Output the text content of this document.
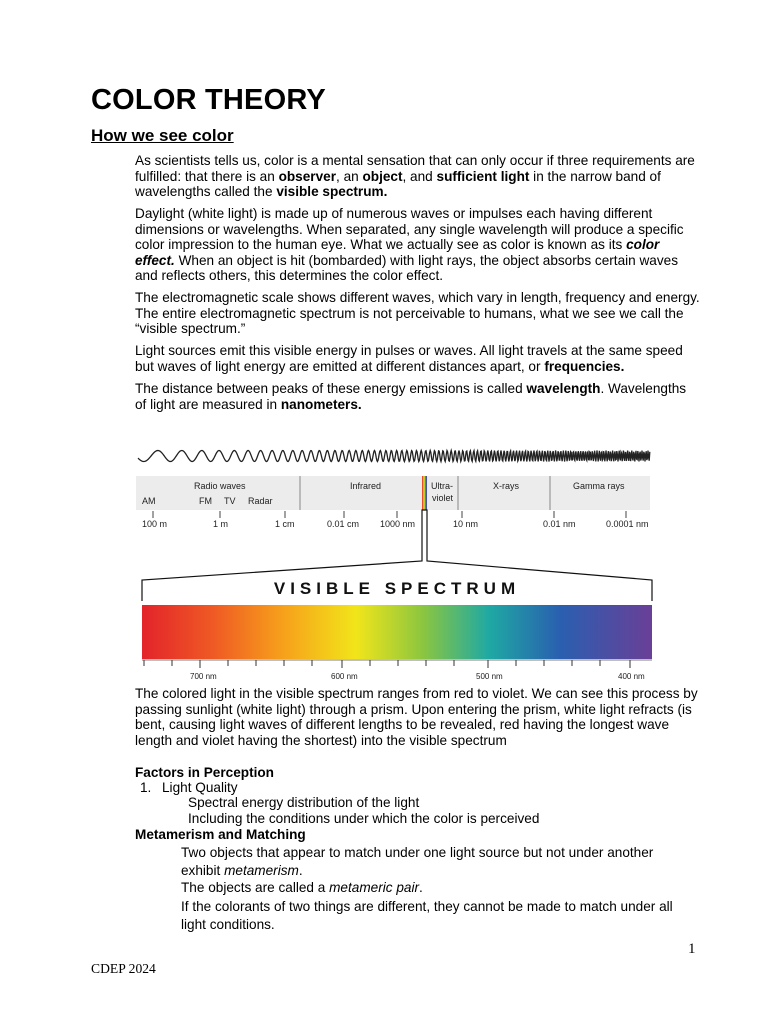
COLOR THEORY
How we see color

As scientists tells us, color is a mental sensation that can only occur if three requirements are fulfilled: that there is an observer, an object, and sufficient light in the narrow band of wavelengths called the visible spectrum.

Daylight (white light) is made up of numerous waves or impulses each having different dimensions or wavelengths. When separated, any single wavelength will produce a specific color impression to the human eye. What we actually see as color is known as its color effect. When an object is hit (bombarded) with light rays, the object absorbs certain waves and reflects others, this determines the color effect.

The electromagnetic scale shows different waves, which vary in length, frequency and energy. The entire electromagnetic spectrum is not perceivable to humans, what we see we call the “visible spectrum.”

Light sources emit this visible energy in pulses or waves. All light travels at the same speed but waves of light energy are emitted at different distances apart, or frequencies.

The distance between peaks of these energy emissions is called wavelength. Wavelengths of light are measured in nanometers.

Radio waves
AM	FM TV Radar
Infrared	Ultra-
violet
X-rays	Gamma rays
100 m	1 m	1 cm	0.01 cm 1000 nm	10 nm	0.01 nm	0.0001 nm
VISIBLE SPECTRUM
700 nm	600 nm	500 nm	400 nm

The colored light in the visible spectrum ranges from red to violet. We can see this process by passing sunlight (white light) through a prism. Upon entering the prism, white light refracts (is bent, causing light waves of different lengths to be revealed, red having the longest wave length and violet having the shortest) into the visible spectrum

Factors in Perception

1. Light Quality

Spectral energy distribution of the light

Including the conditions under which the color is perceived

Metamerism and Matching

Two objects that appear to match under one light source but not under another exhibit metamerism.

The objects are called a metameric pair.

If the colorants of two things are different, they cannot be made to match under all light conditions.

1
CDEP 2024
